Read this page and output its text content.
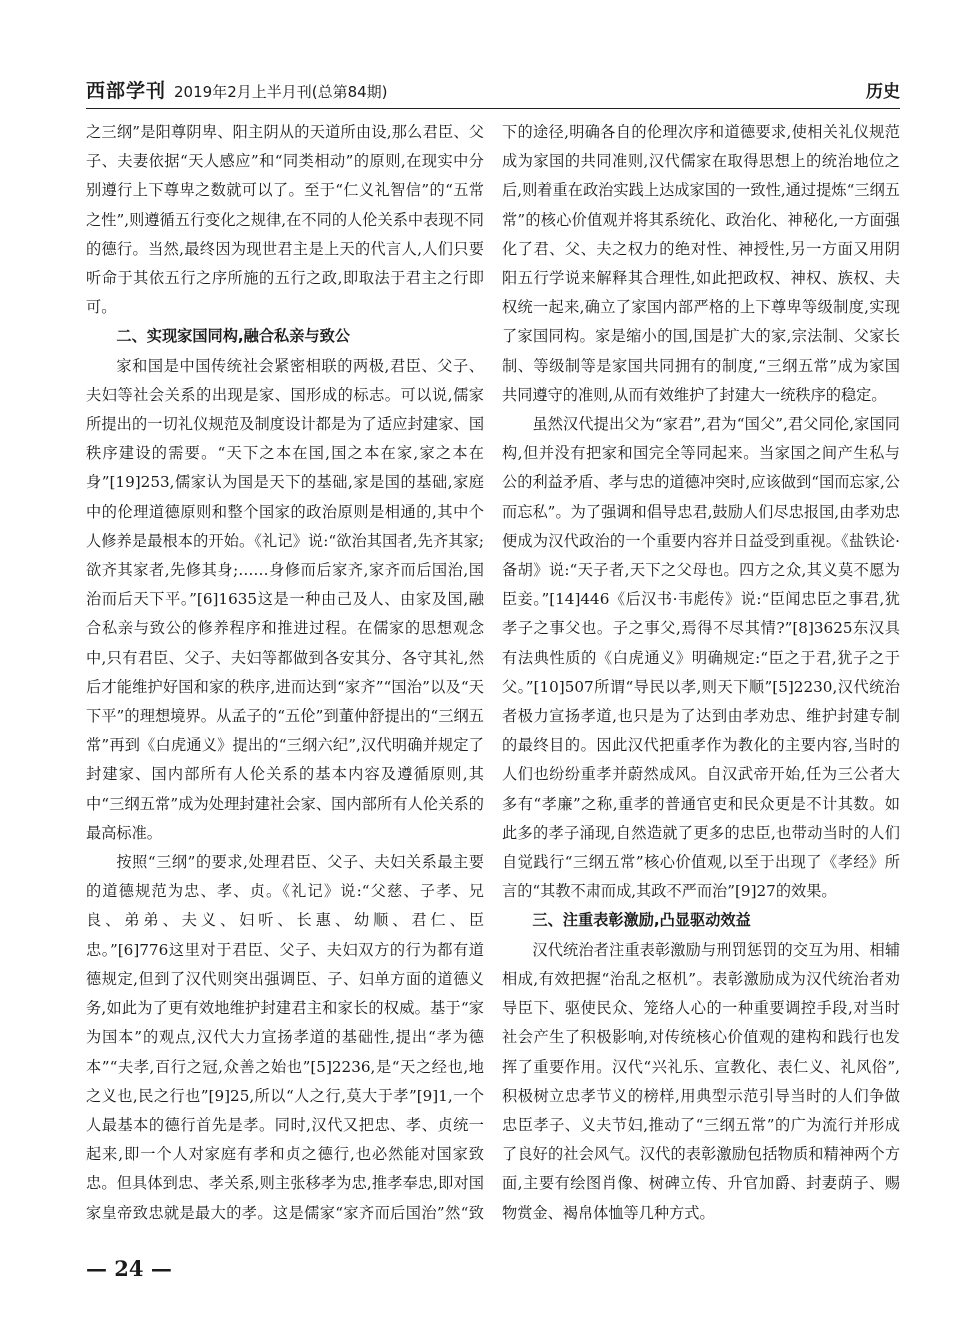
西部学刊 2019年2月上半月刊(总第84期)	历史

之三纲”是阳尊阴卑、阳主阴从的天道所由设,那么君臣、父子、夫妻依据“天人感应”和“同类相动”的原则,在现实中分别遵行上下尊卑之数就可以了。至于“仁义礼智信”的“五常之性”,则遵循五行变化之规律,在不同的人伦关系中表现不同的德行。当然,最终因为现世君主是上天的代言人,人们只要听命于其依五行之序所施的五行之政,即取法于君主之行即可。

二、实现家国同构,融合私亲与致公

家和国是中国传统社会紧密相联的两极,君臣、父子、夫妇等社会关系的出现是家、国形成的标志。可以说,儒家所提出的一切礼仪规范及制度设计都是为了适应封建家、国秩序建设的需要。“天下之本在国,国之本在家,家之本在身”[19]253,儒家认为国是天下的基础,家是国的基础,家庭中的伦理道德原则和整个国家的政治原则是相通的,其中个人修养是最根本的开始。《礼记》说:“欲治其国者,先齐其家;欲齐其家者,先修其身;……身修而后家齐,家齐而后国治,国治而后天下平。”[6]1635这是一种由己及人、由家及国,融合私亲与致公的修养程序和推进过程。在儒家的思想观念中,只有君臣、父子、夫妇等都做到各安其分、各守其礼,然后才能维护好国和家的秩序,进而达到“家齐”“国治”以及“天下平”的理想境界。从孟子的“五伦”到董仲舒提出的“三纲五常”再到《白虎通义》提出的“三纲六纪”,汉代明确并规定了封建家、国内部所有人伦关系的基本内容及遵循原则,其中“三纲五常”成为处理封建社会家、国内部所有人伦关系的最高标准。

按照“三纲”的要求,处理君臣、父子、夫妇关系最主要的道德规范为忠、孝、贞。《礼记》说:“父慈、子孝、兄良、弟弟、夫义、妇听、长惠、幼顺、君仁、臣忠。”[6]776这里对于君臣、父子、夫妇双方的行为都有道德规定,但到了汉代则突出强调臣、子、妇单方面的道德义务,如此为了更有效地维护封建君主和家长的权威。基于“家为国本”的观点,汉代大力宣扬孝道的基础性,提出“孝为德本”“夫孝,百行之冠,众善之始也”[5]2236,是“天之经也,地之义也,民之行也”[9]25,所以“人之行,莫大于孝”[9]1,一个人最基本的德行首先是孝。同时,汉代又把忠、孝、贞统一起来,即一个人对家庭有孝和贞之德行,也必然能对国家致忠。但具体到忠、孝关系,则主张移孝为忠,推孝奉忠,即对国家皇帝致忠就是最大的孝。这是儒家“家齐而后国治”然“致

下的途径,明确各自的伦理次序和道德要求,使相关礼仪规范成为家国的共同准则,汉代儒家在取得思想上的统治地位之后,则着重在政治实践上达成家国的一致性,通过提炼“三纲五常”的核心价值观并将其系统化、政治化、神秘化,一方面强化了君、父、夫之权力的绝对性、神授性,另一方面又用阴阳五行学说来解释其合理性,如此把政权、神权、族权、夫权统一起来,确立了家国内部严格的上下尊卑等级制度,实现了家国同构。家是缩小的国,国是扩大的家,宗法制、父家长制、等级制等是家国共同拥有的制度,“三纲五常”成为家国共同遵守的准则,从而有效维护了封建大一统秩序的稳定。

虽然汉代提出父为“家君”,君为“国父”,君父同伦,家国同构,但并没有把家和国完全等同起来。当家国之间产生私与公的利益矛盾、孝与忠的道德冲突时,应该做到“国而忘家,公而忘私”。为了强调和倡导忠君,鼓励人们尽忠报国,由孝劝忠便成为汉代政治的一个重要内容并日益受到重视。《盐铁论·备胡》说:“天子者,天下之父母也。四方之众,其义莫不愿为臣妾。”[14]446《后汉书·韦彪传》说:“臣闻忠臣之事君,犹孝子之事父也。子之事父,焉得不尽其情?”[8]3625东汉具有法典性质的《白虎通义》明确规定:“臣之于君,犹子之于父。”[10]507所谓“导民以孝,则天下顺”[5]2230,汉代统治者极力宣扬孝道,也只是为了达到由孝劝忠、维护封建专制的最终目的。因此汉代把重孝作为教化的主要内容,当时的人们也纷纷重孝并蔚然成风。自汉武帝开始,任为三公者大多有“孝廉”之称,重孝的普通官吏和民众更是不计其数。如此多的孝子涌现,自然造就了更多的忠臣,也带动当时的人们自觉践行“三纲五常”核心价值观,以至于出现了《孝经》所言的“其教不肃而成,其政不严而治”[9]27的效果。

三、注重表彰激励,凸显驱动效益

汉代统治者注重表彰激励与刑罚惩罚的交互为用、相辅相成,有效把握“治乱之枢机”。表彰激励成为汉代统治者劝导臣下、驱使民众、笼络人心的一种重要调控手段,对当时社会产生了积极影响,对传统核心价值观的建构和践行也发挥了重要作用。汉代“兴礼乐、宣教化、表仁义、礼风俗”,积极树立忠孝节义的榜样,用典型示范引导当时的人们争做忠臣孝子、义夫节妇,推动了“三纲五常”的广为流行并形成了良好的社会风气。汉代的表彰激励包括物质和精神两个方面,主要有绘图肖像、树碑立传、升官加爵、封妻荫子、赐物赏金、褐帛体恤等几种方式。

— 24 —
